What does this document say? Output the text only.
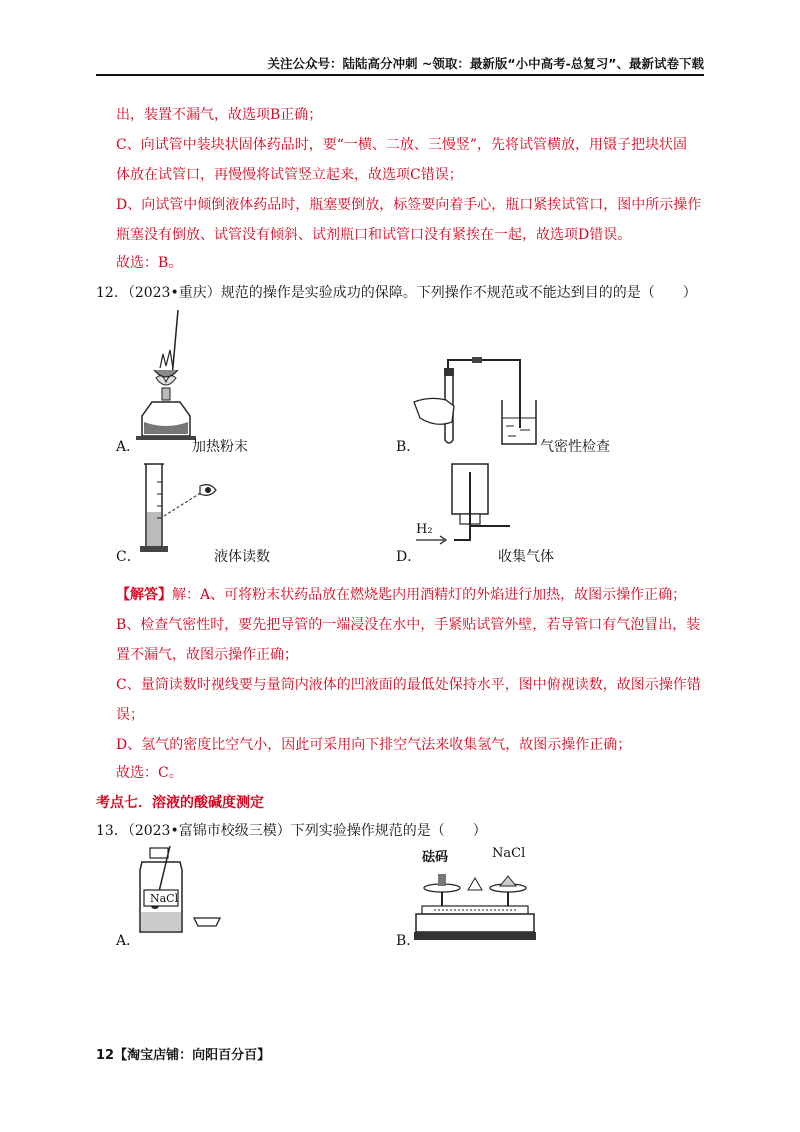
关注公众号：陆陆高分冲刺 ~领取：最新版“小中高考-总复习”、最新试卷下载
出，装置不漏气，故选项B正确；
C、向试管中装块状固体药品时，要“一横、二放、三慢竖”，先将试管横放，用镊子把块状固
体放在试管口，再慢慢将试管竖立起来，故选项C错误；
D、向试管中倾倒液体药品时，瓶塞要倒放，标签要向着手心，瓶口紧挨试管口，图中所示操作
瓶塞没有倒放、试管没有倾斜、试剂瓶口和试管口没有紧挨在一起，故选项D错误。
故选：B。
12．（2023•重庆）规范的操作是实验成功的保障。下列操作不规范或不能达到目的的是（　　）
A．	加热粉末	B．	气密性检查
C．	液体读数
H₂
D．	收集气体
【解答】解：A、可将粉末状药品放在燃烧匙内用酒精灯的外焰进行加热，故图示操作正确；
B、检查气密性时，要先把导管的一端浸没在水中，手紧贴试管外壁，若导管口有气泡冒出，装
置不漏气，故图示操作正确；
C、量筒读数时视线要与量筒内液体的凹液面的最低处保持水平，图中俯视读数，故图示操作错
误；
D、氢气的密度比空气小，因此可采用向下排空气法来收集氢气，故图示操作正确；
故选：C。
考点七．溶液的酸碱度测定
13．（2023•富锦市校级三模）下列实验操作规范的是（　　）
NaCl
A．
砝码	NaCl
B．
12【淘宝店铺：向阳百分百】
